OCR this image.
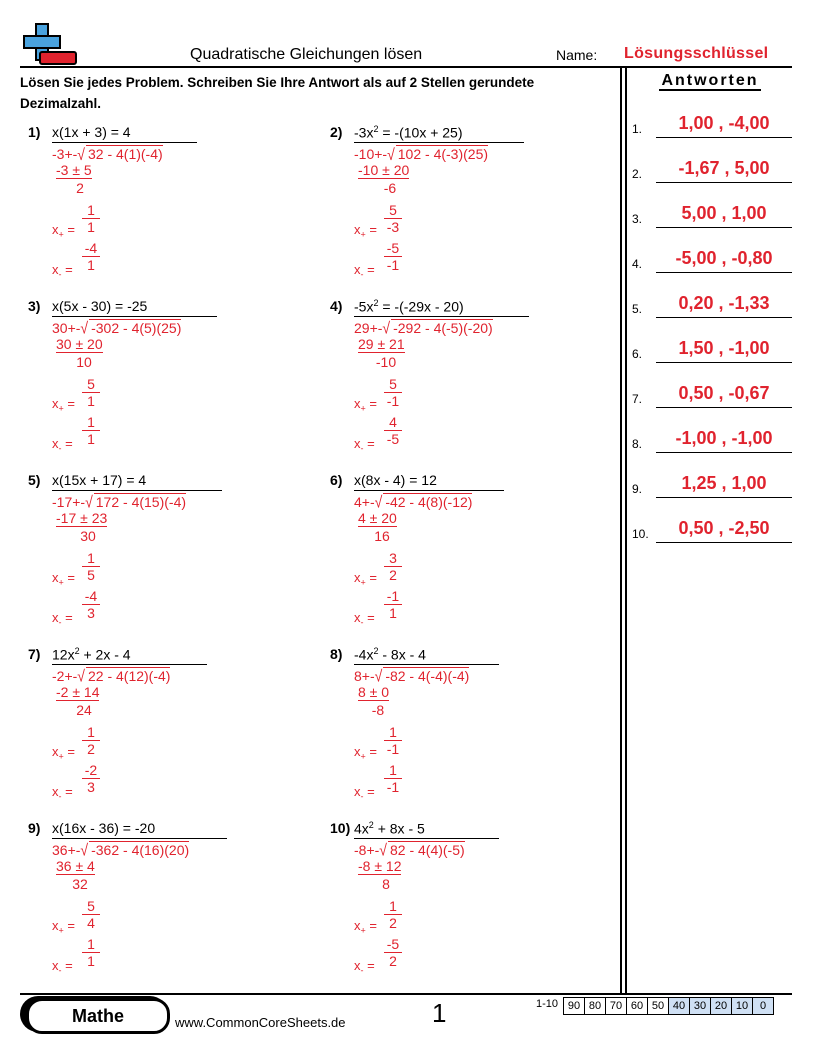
Quadratische Gleichungen lösen	Name: Lösungsschlüssel
Lösen Sie jedes Problem. Schreiben Sie Ihre Antwort als auf 2 Stellen gerundete Dezimalzahl.
Antworten
1.	1,00 , -4,00
2.	-1,67 , 5,00
3.	5,00 , 1,00
4.	-5,00 , -0,80
5.	0,20 , -1,33
6.	1,50 , -1,00
7.	0,50 , -0,67
8.	-1,00 , -1,00
9.	1,25 , 1,00
10.	0,50 , -2,50
1) x(1x + 3) = 4
-3+-√ 32 - 4(1)(-4)
-3 ± 5
2
$x_+ = \frac{1}{1}$
$x_- = \frac{-4}{1}$
2) $-3x^2 = -(10x + 25)$
-10+-√ 102 - 4(-3)(25)
-10 ± 20
-6
$x_+ = \frac{5}{-3}$
$x_- = \frac{-5}{-1}$
3) x(5x - 30) = -25
30+-√ -302 - 4(5)(25)
30 ± 20
10
$x_+ = \frac{5}{1}$
$x_- = \frac{1}{1}$
4) $-5x^2 = -(-29x - 20)$
29+-√ -292 - 4(-5)(-20)
29 ± 21
-10
$x_+ = \frac{5}{-1}$
$x_- = \frac{4}{-5}$
5) x(15x + 17) = 4
-17+-√ 172 - 4(15)(-4)
-17 ± 23
30
$x_+ = \frac{1}{5}$
$x_- = \frac{-4}{3}$
6) x(8x - 4) = 12
4+-√ -42 - 4(8)(-12)
4 ± 20
16
$x_+ = \frac{3}{2}$
$x_- = \frac{-1}{1}$
7) $12x^2 + 2x - 4$
-2+-√ 22 - 4(12)(-4)
-2 ± 14
24
$x_+ = \frac{1}{2}$
$x_- = \frac{-2}{3}$
8) $-4x^2 - 8x - 4$
8+-√ -82 - 4(-4)(-4)
8 ± 0
-8
$x_+ = \frac{1}{-1}$
$x_- = \frac{1}{-1}$
9) x(16x - 36) = -20
36+-√ -362 - 4(16)(20)
36 ± 4
32
$x_+ = \frac{5}{4}$
$x_- = \frac{1}{1}$
10) $4x^2 + 8x - 5$
-8+-√ 82 - 4(4)(-5)
-8 ± 12
8
$x_+ = \frac{1}{2}$
$x_- = \frac{-5}{2}$
Mathe	www.CommonCoreSheets.de	1	1-10 90 80 70 60 50 40 30 20 10	0
